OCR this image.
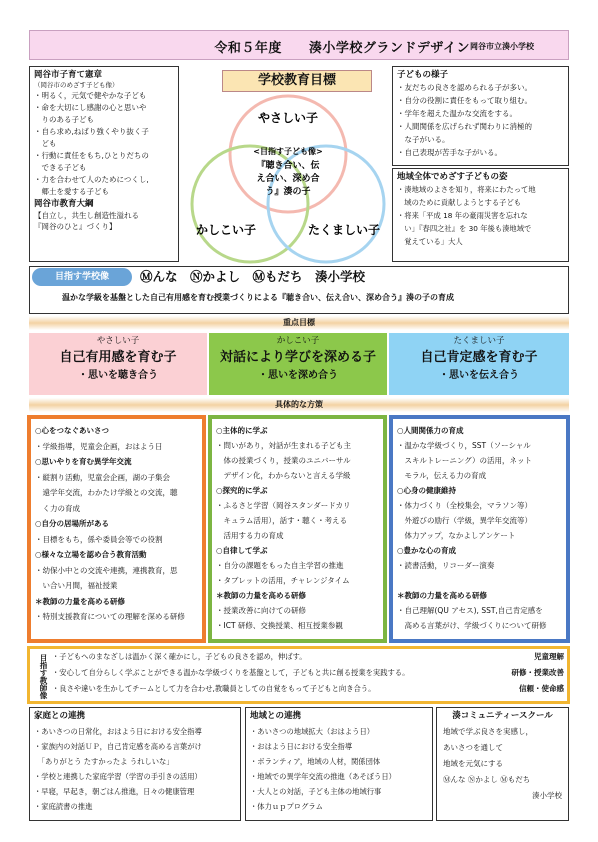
令和５年度　　湊小学校グランドデザイン 岡谷市立湊小学校
岡谷市子育て憲章
（岡谷市のめざす子ども像）
・明るく，元気で健やかな子ども
・命を大切にし感謝の心と思いや
　りのある子ども
・自ら求め,ねばり強くやり抜く子
　ども
・行動に責任をもち,ひとりだちの
　できる子ども
・力を合わせて人のためにつくし,
　郷土を愛する子ども
岡谷市教育大綱
【自立し，共生し創造性溢れる
『岡谷のひと』づくり】
学校教育目標
やさしい子
かしこい子	たくましい子
<目指す子ども像>
『聴き合い、伝
え合い、深め合
う』湊の子
子どもの様子
・友だちの良さを認められる子が多い。
・自分の役割に責任をもって取り組む。
・学年を超えた温かな交流をする。
・人間関係を広げられず関わりに消極的
　な子がいる。
・自己表現が苦手な子がいる。
地域全体でめざす子どもの姿
・湊地域のよさを知り，将来にわたって地
　域のために貢献しようとする子ども
・将来「平成 18 年の豪雨災害を忘れな
　い」『春四之社』を 30 年後も湊地域で
　覚えている」大人
目指す学校像	Ⓜんな　Ⓝかよし　Ⓜもだち　湊小学校
温かな学級を基盤とした自己有用感を育む授業づくりによる『聴き合い、伝え合い、深め合う』湊の子の育成
重点目標
やさしい子
自己有用感を育む子
・思いを聴き合う
かしこい子
対話により学びを深める子
・思いを深め合う
たくましい子
自己肯定感を育む子
・思いを伝え合う
具体的な方策
○心をつなぐあいさつ
・学級指導，児童会企画，おはよう日
○思いやりを育む異学年交流
・縦割り活動，児童会企画，湖の子集会
　遠学年交流，わかたけ学級との交流，聴
　く力の育成
○自分の居場所がある
・目標をもち，係や委員会等での役割
○様々な立場を認め合う教育活動
・幼保小中との交流や連携，連携教育，思
　い合い月間，福祉授業
＊教師の力量を高める研修
・特別支援教育についての理解を深める研修
○主体的に学ぶ
・問いがあり，対話が生まれる子ども主
　体の授業づくり，授業のユニバーサル
　デザイン化，わからないと言える学級
○探究的に学ぶ
・ふるさと学習（岡谷スタンダードカリ
　キュラム活用），話す・聴く・考える
　活用する力の育成
○自律して学ぶ
・自分の課題をもった自主学習の推進
・タブレットの活用，チャレンジタイム
＊教師の力量を高める研修
・授業改善に向けての研修
・ICT 研修、交換授業、相互授業参観
○人間関係力の育成
・温かな学級づくり，SST（ソーシャル
　スキルトレーニング）の活用，ネット
　モラル，伝える力の育成
○心身の健康維持
・体力づくり（全校集会，マラソン等）
　外遊びの励行（学級，異学年交流等）
　体力アップ，なかよしアンケート
○豊かな心の育成
・読書活動，リコーダー演奏

＊教師の力量を高める研修
・自己理解(QU アセス), SST,自己肯定感を
　高める言葉がけ、学級づくりについて研修
目指す教師像 ・子どもへのまなざしは温かく深く確かにし，子どもの良さを認め，伸ばす。
・安心して自分らしく学ぶことができる温かな学級づくりを基盤として，子どもと共に創る授業を実践する。
・良さや違いを生かしてチームとして力を合わせ,教職員としての自覚をもって子どもと向き合う。
児童理解
研修・授業改善
信頼・使命感
家庭との連携
・あいさつの日常化，おはよう日における安全指導
・家族内の対話ＵＰ，自己肯定感を高める言葉がけ
　「ありがとう たすかったよ うれしいな」
・学校と連携した家庭学習（学習の手引きの活用）
・早寝，早起き，朝ごはん推進，日々の健康管理
・家庭読書の推進
地域との連携
・あいさつの地域拡大（おはよう日）
・おはよう日における安全指導
・ボランティア，地域の人材，関係団体
・地域での異学年交流の推進（あそぼう日）
・大人との対話，子ども主体の地域行事
・体力ｕｐプログラム
湊コミュニティースクール
地域で学ぶ良さを実感し，
あいさつを通して
地域を元気にする
Ⓜんな Ⓝかよし Ⓜもだち
湊小学校
